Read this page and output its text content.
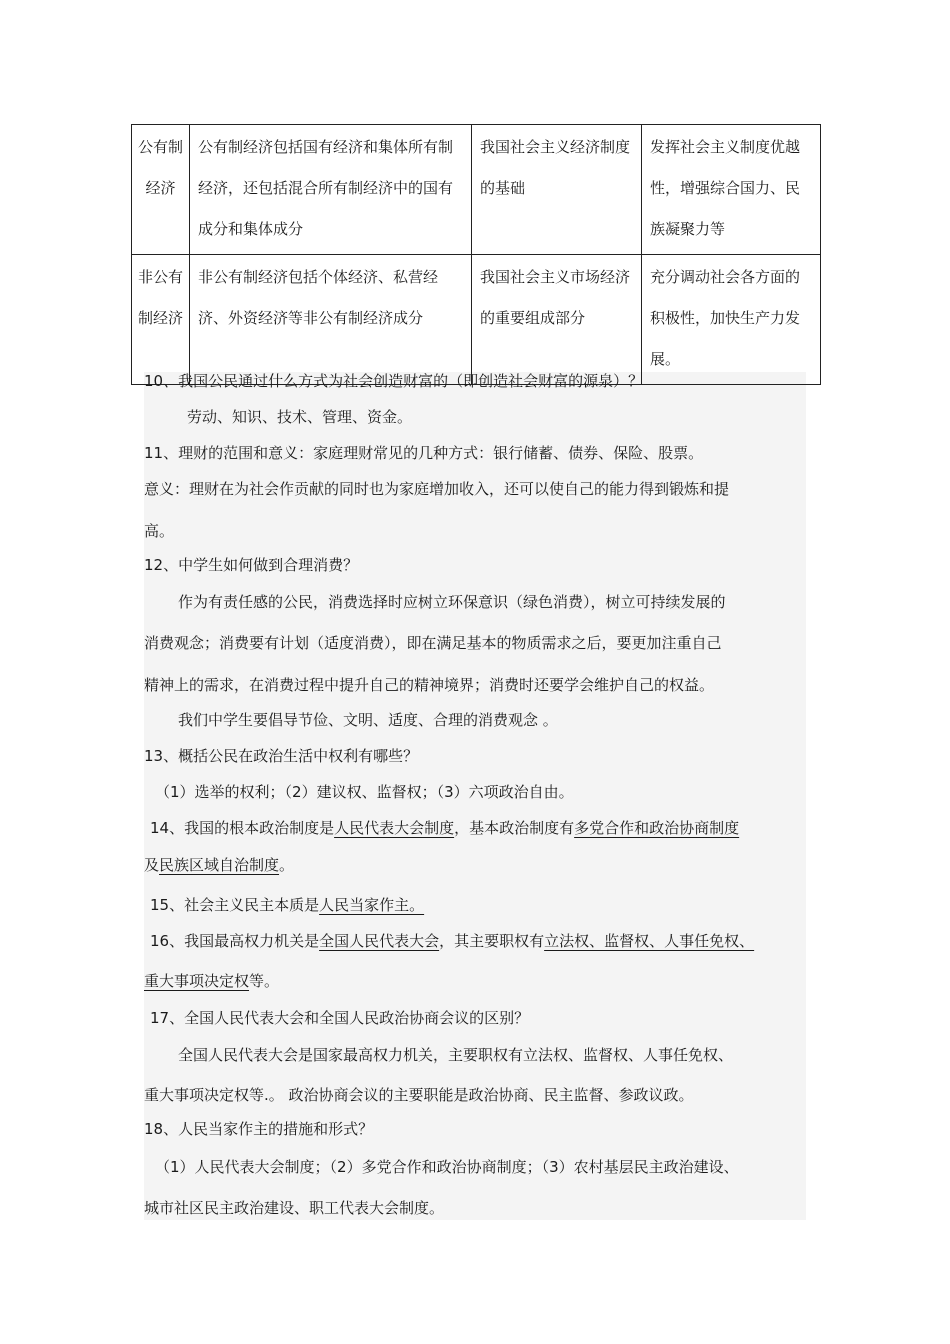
公有制经济	公有制经济包括国有经济和集体所有制经济，还包括混合所有制经济中的国有成分和集体成分	我国社会主义经济制度的基础	发挥社会主义制度优越性，增强综合国力、民族凝聚力等
非公有制经济	非公有制经济包括个体经济、私营经济、外资经济等非公有制经济成分	我国社会主义市场经济的重要组成部分	充分调动社会各方面的积极性，加快生产力发展。
10、我国公民通过什么方式为社会创造财富的（即创造社会财富的源泉）？
劳动、知识、技术、管理、资金。
11、理财的范围和意义：家庭理财常见的几种方式：银行储蓄、债券、保险、股票。
意义：理财在为社会作贡献的同时也为家庭增加收入，还可以使自己的能力得到锻炼和提
高。
12、中学生如何做到合理消费？
作为有责任感的公民，消费选择时应树立环保意识（绿色消费），树立可持续发展的
消费观念；消费要有计划（适度消费），即在满足基本的物质需求之后，要更加注重自己
精神上的需求，在消费过程中提升自己的精神境界；消费时还要学会维护自己的权益。
我们中学生要倡导节俭、文明、适度、合理的消费观念 。
13、概括公民在政治生活中权利有哪些？
（1）选举的权利；（2）建议权、监督权；（3）六项政治自由。
14、我国的根本政治制度是人民代表大会制度，基本政治制度有多党合作和政治协商制度
及民族区域自治制度。
15、社会主义民主本质是人民当家作主。
16、我国最高权力机关是全国人民代表大会，其主要职权有立法权、监督权、人事任免权、
重大事项决定权等。
17、全国人民代表大会和全国人民政治协商会议的区别？
全国人民代表大会是国家最高权力机关，主要职权有立法权、监督权、人事任免权、
重大事项决定权等.。 政治协商会议的主要职能是政治协商、民主监督、参政议政。
18、人民当家作主的措施和形式？
（1）人民代表大会制度；（2）多党合作和政治协商制度；（3）农村基层民主政治建设、
城市社区民主政治建设、职工代表大会制度。
